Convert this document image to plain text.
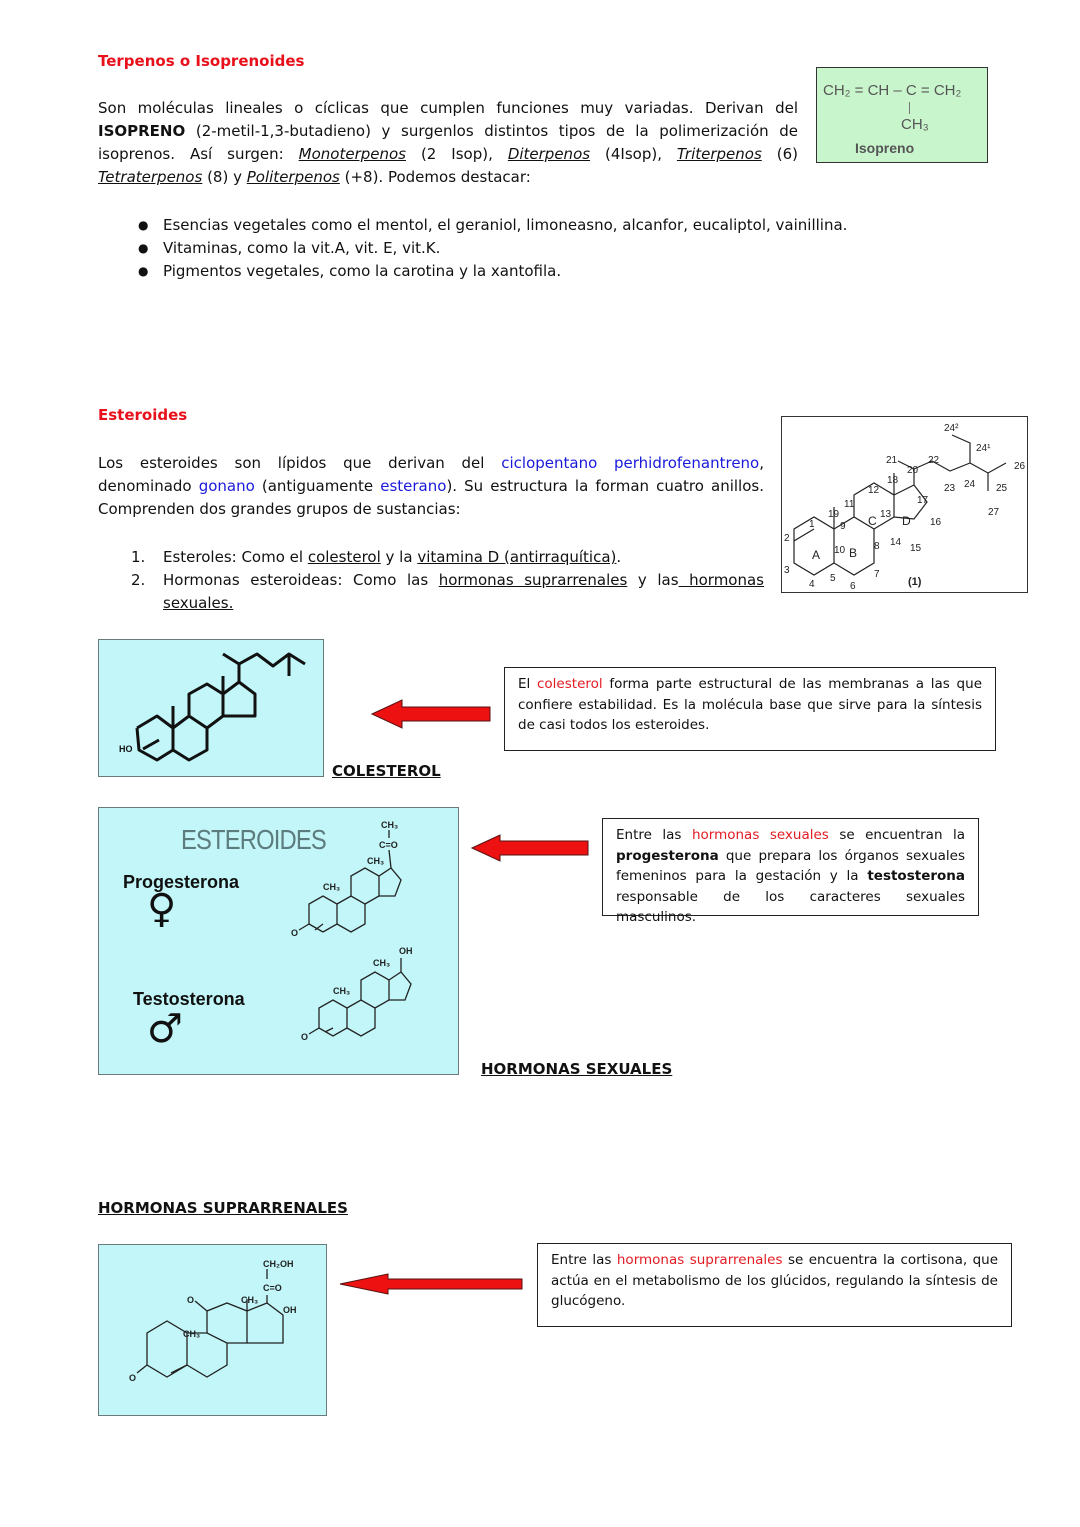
Terpenos o Isoprenoides
Son moléculas lineales o cíclicas que cumplen funciones muy variadas. Derivan del ISOPRENO (2-metil-1,3-butadieno) y surgenlos distintos tipos de la polimerización de isoprenos. Así surgen: Monoterpenos (2 Isop), Diterpenos (4Isop), Triterpenos (6) Tetraterpenos (8) y Politerpenos (+8). Podemos destacar:
CH₂ = CH – C = CH₂
CH₃
Isopreno
● Esencias vegetales como el mentol, el geraniol, limoneasno, alcanfor, eucaliptol, vainillina.
● Vitaminas, como la vit.A, vit. E, vit.K.
● Pigmentos vegetales, como la carotina y la xantofila.
Esteroides
Los esteroides son lípidos que derivan del ciclopentano perhidrofenantreno, denominado gonano (antiguamente esterano). Su estructura la forman cuatro anillos. Comprenden dos grandes grupos de sustancias:
1. Esteroles: Como el colesterol y la vitamina D (antirraquítica).
2. Hormonas esteroideas: Como las hormonas suprarrenales y las hormonas sexuales.
1
2
3
4
5
6
7
8
9
10
11
12
13
14
15
16
17
18
19
20
21	22
23 24 25
26
27
24¹
24²
A B
C D
(1)
HO
COLESTEROL
El colesterol forma parte estructural de las membranas a las que confiere estabilidad. Es la molécula base que sirve para la síntesis de casi todos los esteroides.
ESTEROIDES
Progesterona
♀
Testosterona
♂
CH₃
CH₃
C=O
CH₃
O
CH₃
CH₃
OH
O
HORMONAS SEXUALES
Entre las hormonas sexuales se encuentran la progesterona que prepara los órganos sexuales femeninos para la gestación y la testosterona responsable de los caracteres sexuales masculinos.
HORMONAS SUPRARRENALES
CH₂OH
C=O
CH₃
OH
CH₃
O
O
Entre las hormonas suprarrenales se encuentra la cortisona, que actúa en el metabolismo de los glúcidos, regulando la síntesis de glucógeno.
